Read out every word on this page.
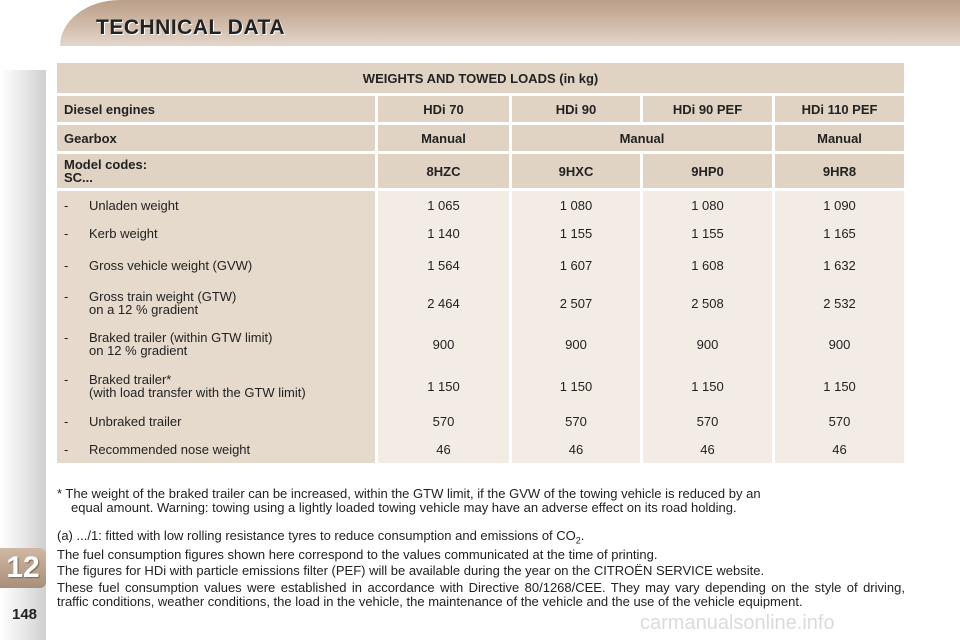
TECHNICAL DATA
12
148
WEIGHTS AND TOWED LOADS (in kg)				

Diesel engines	HDi 70	HDi 90	HDi 90 PEF	HDi 110 PEF

Gearbox	Manual	Manual		Manual

Model codes:
SC...	8HZC	9HXC	9HP0	9HR8

- Unladen weight	1 065	1 080	1 080	1 090
- Kerb weight	1 140	1 155	1 155	1 165
- Gross vehicle weight (GVW)	1 564	1 607	1 608	1 632
- Gross train weight (GTW)
on a 12 % gradient	2 464	2 507	2 508	2 532
- Braked trailer (within GTW limit)
on 12 % gradient	900	900	900	900
- Braked trailer*
(with load transfer with the GTW limit)	1 150	1 150	1 150	1 150
- Unbraked trailer	570	570	570	570
- Recommended nose weight	46	46	46	46

* The weight of the braked trailer can be increased, within the GTW limit, if the GVW of the towing vehicle is reduced by an
equal amount. Warning: towing using a lightly loaded towing vehicle may have an adverse effect on its road holding.

(a) .../1: fitted with low rolling resistance tyres to reduce consumption and emissions of $CO_2$.

The fuel consumption figures shown here correspond to the values communicated at the time of printing.

The figures for HDi with particle emissions filter (PEF) will be available during the year on the CITROËN SERVICE website.

These fuel consumption values were established in accordance with Directive 80/1268/CEE. They may vary depending on the style of driving, traffic conditions, weather conditions, the load in the vehicle, the maintenance of the vehicle and the use of the vehicle equipment.

carmanualsonline.info
